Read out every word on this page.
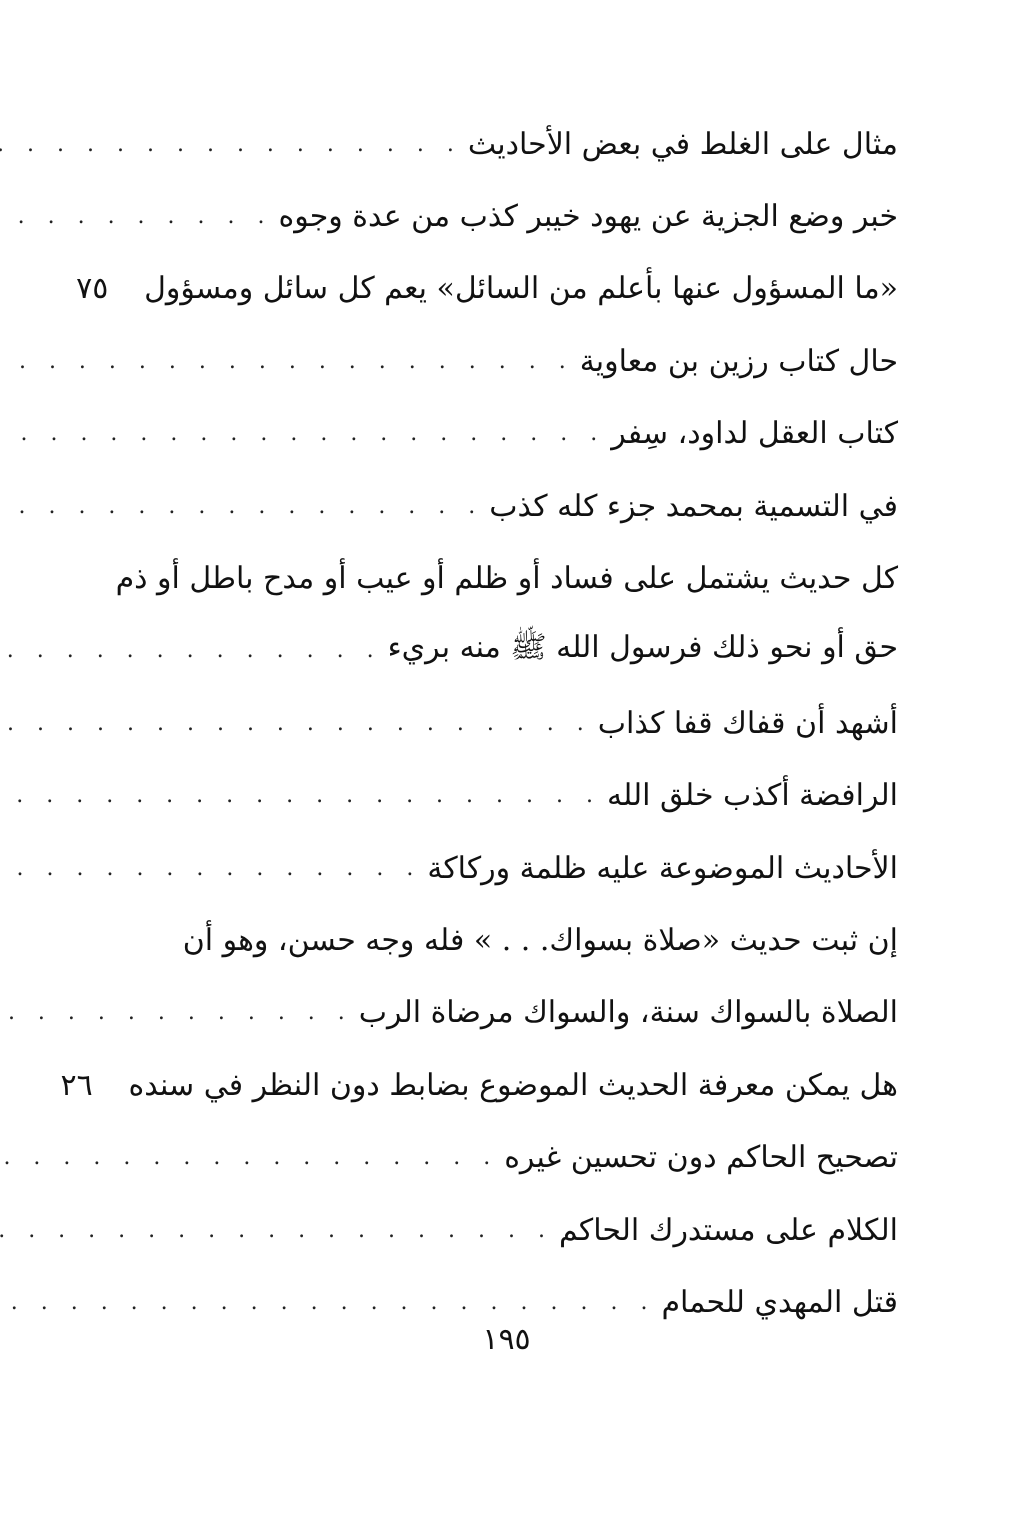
مثال على الغلط في بعض الأحاديث
. . .
خبر وضع الجزية عن يهود خيبر كذب من عدة وجوه
. . .
«ما المسؤول عنها بأعلم من السائل» يعم كل سائل ومسؤول
٧٥
حال كتاب رزين بن معاوية
. . .
كتاب العقل لداود، سِفر
. . .
في التسمية بمحمد جزء كله كذب
. . .
كل حديث يشتمل على فساد أو ظلم أو عيب أو مدح باطل أو ذم
حق أو نحو ذلك فرسول الله ﷺ منه بريء
. . .
أشهد أن قفاك قفا كذاب
. . .
الرافضة أكذب خلق الله
. . .
الأحاديث الموضوعة عليه ظلمة وركاكة
. . .
إن ثبت حديث «صلاة بسواك. . . » فله وجه حسن، وهو أن
الصلاة بالسواك سنة، والسواك مرضاة الرب
. . .
هل يمكن معرفة الحديث الموضوع بضابط دون النظر في سنده
٢٦
تصحيح الحاكم دون تحسين غيره
. . .
الكلام على مستدرك الحاكم
. . .
قتل المهدي للحمام
. . .
١٩٥
